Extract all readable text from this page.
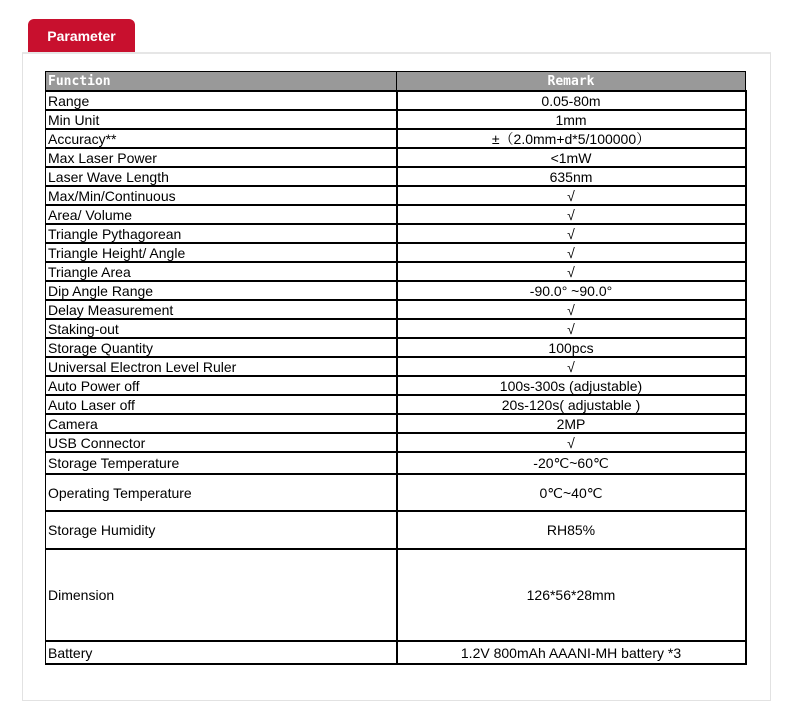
Parameter
Function	Remark
Range	0.05-80m
Min Unit	1mm
Accuracy**	±（2.0mm+d*5/100000）
Max Laser Power	<1mW
Laser Wave Length	635nm
Max/Min/Continuous	√
Area/ Volume	√
Triangle Pythagorean	√
Triangle Height/ Angle	√
Triangle Area	√
Dip Angle Range	-90.0° ~90.0°
Delay Measurement	√
Staking-out	√
Storage Quantity	100pcs
Universal Electron Level Ruler	√
Auto Power off	100s-300s (adjustable)
Auto Laser off	20s-120s( adjustable )
Camera	2MP
USB Connector	√
Storage Temperature	-20℃~60℃
Operating Temperature	0℃~40℃
Storage Humidity	RH85%
Dimension	126*56*28mm
Battery	1.2V 800mAh AAANI-MH battery *3
